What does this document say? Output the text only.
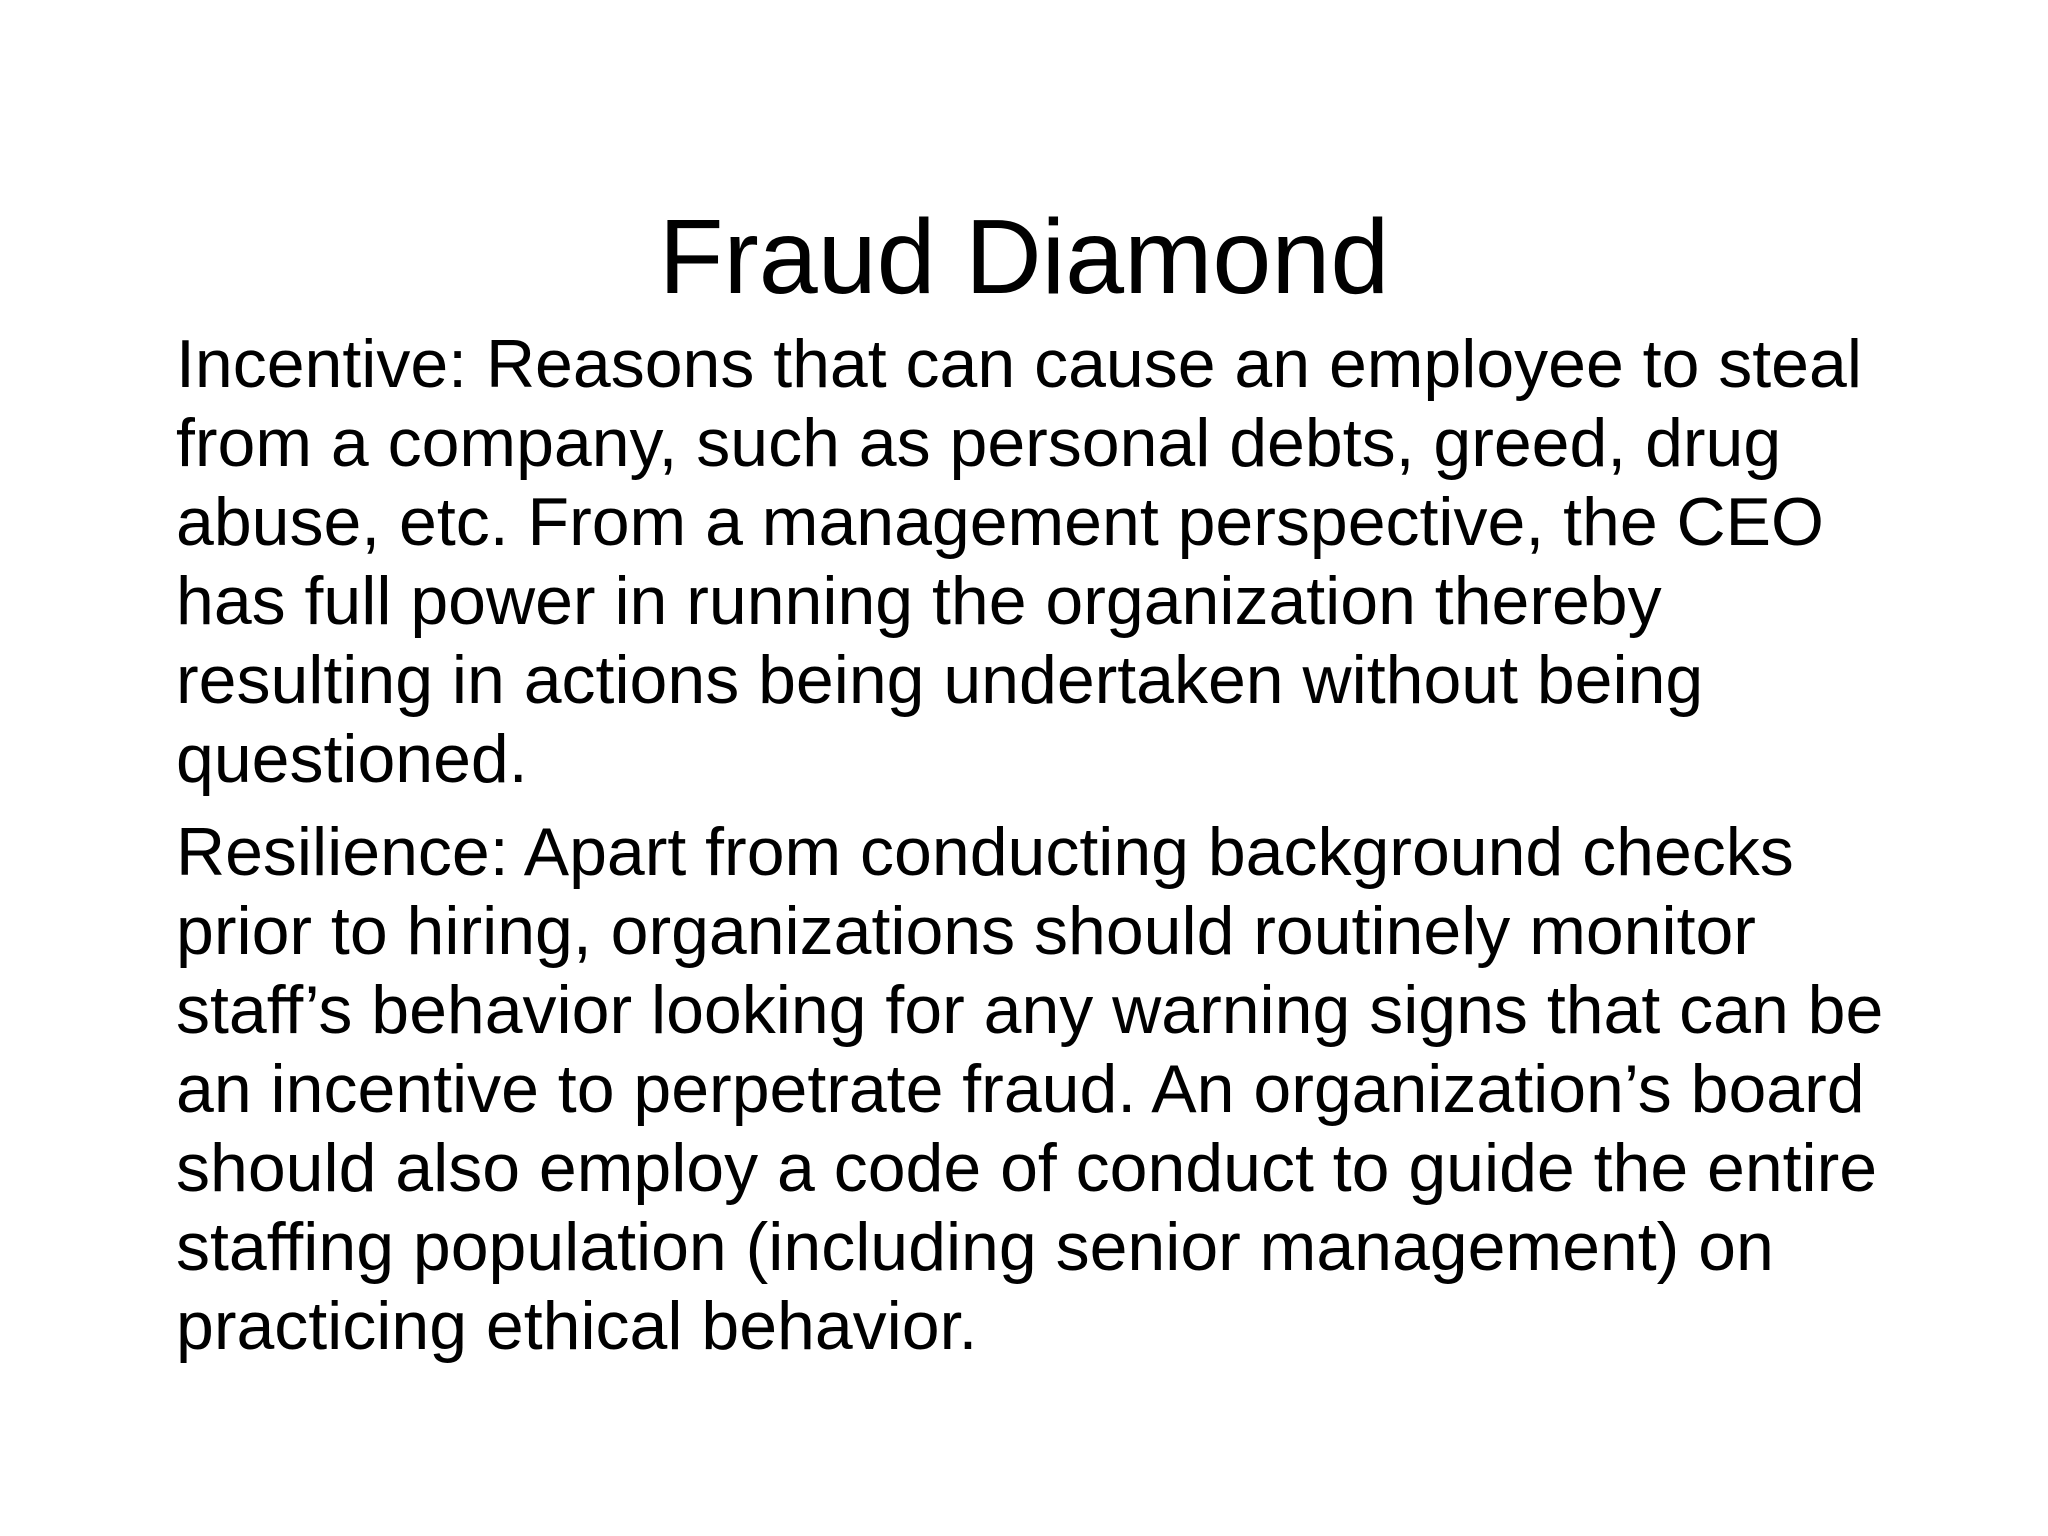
Fraud Diamond
Incentive: Reasons that can cause an employee to steal from a company, such as personal debts, greed, drug abuse, etc. From a management perspective, the CEO has full power in running the organization thereby resulting in actions being undertaken without being questioned.
Resilience: Apart from conducting background checks prior to hiring, organizations should routinely monitor staff’s behavior looking for any warning signs that can be an incentive to perpetrate fraud. An organization’s board should also employ a code of conduct to guide the entire staffing population (including senior management) on practicing ethical behavior.
